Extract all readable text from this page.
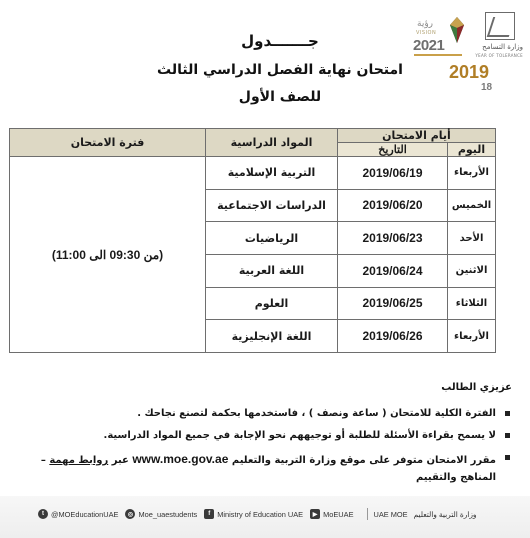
وزارة التسامح
YEAR OF TOLERANCE
رؤية
VISION
2021
2019
18
جـــــــدول
امتحان نهاية الفصل الدراسي الثالث
للصف الأول
أيام الامتحان		المواد الدراسية	فترة الامتحان
اليوم	التاريخ		
الأربعاء	2019/06/19	التربية الإسلامية	(من 09:30 الى 11:00)
الخميس	2019/06/20	الدراسات الاجتماعية	
الأحد	2019/06/23	الرياضيات	
الاثنين	2019/06/24	اللغة العربية	
الثلاثاء	2019/06/25	العلوم	
الأربعاء	2019/06/26	اللغة الإنجليزية	
عزيزي الطالب
الفترة الكلية للامتحان ( ساعة ونصف ) ، فاستخدمها بحكمة لتصنع نجاحك .
لا يسمح بقراءة الأسئلة للطلبة أو توجيههم نحو الإجابة في جميع المواد الدراسية.
مقرر الامتحان متوفر على موقع وزارة التربية والتعليم www.moe.gov.ae عبر روابط مهمة –
المناهج والتقييم
t @MOEducationUAE	◎ Moe_uaestudents	f Ministry of Education UAE	▶ MoEUAE	UAE MOE وزارة التربية والتعليم
